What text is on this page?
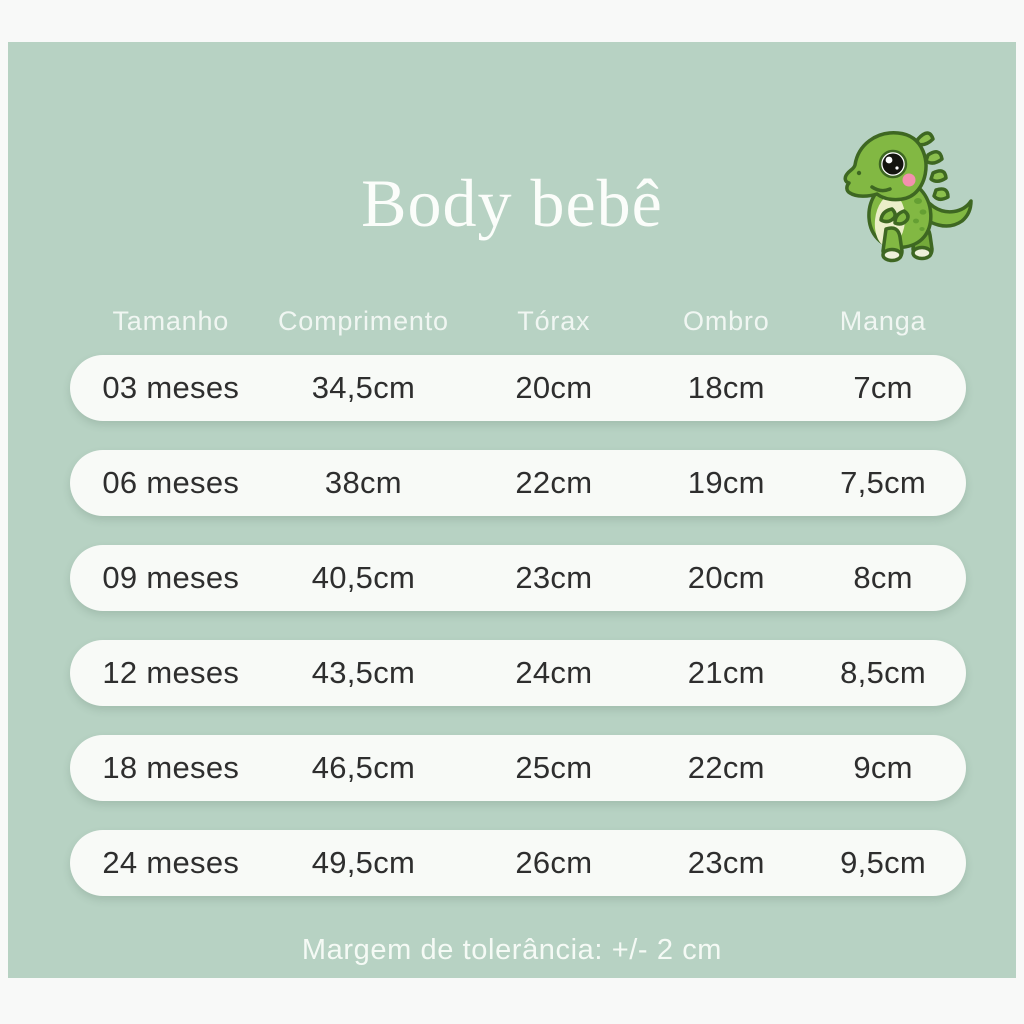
Body bebê
Tamanho	Comprimento	Tórax	Ombro	Manga
03 meses	34,5cm	20cm	18cm	7cm
06 meses	38cm	22cm	19cm	7,5cm
09 meses	40,5cm	23cm	20cm	8cm
12 meses	43,5cm	24cm	21cm	8,5cm
18 meses	46,5cm	25cm	22cm	9cm
24 meses	49,5cm	26cm	23cm	9,5cm
Margem de tolerância: +/- 2 cm
